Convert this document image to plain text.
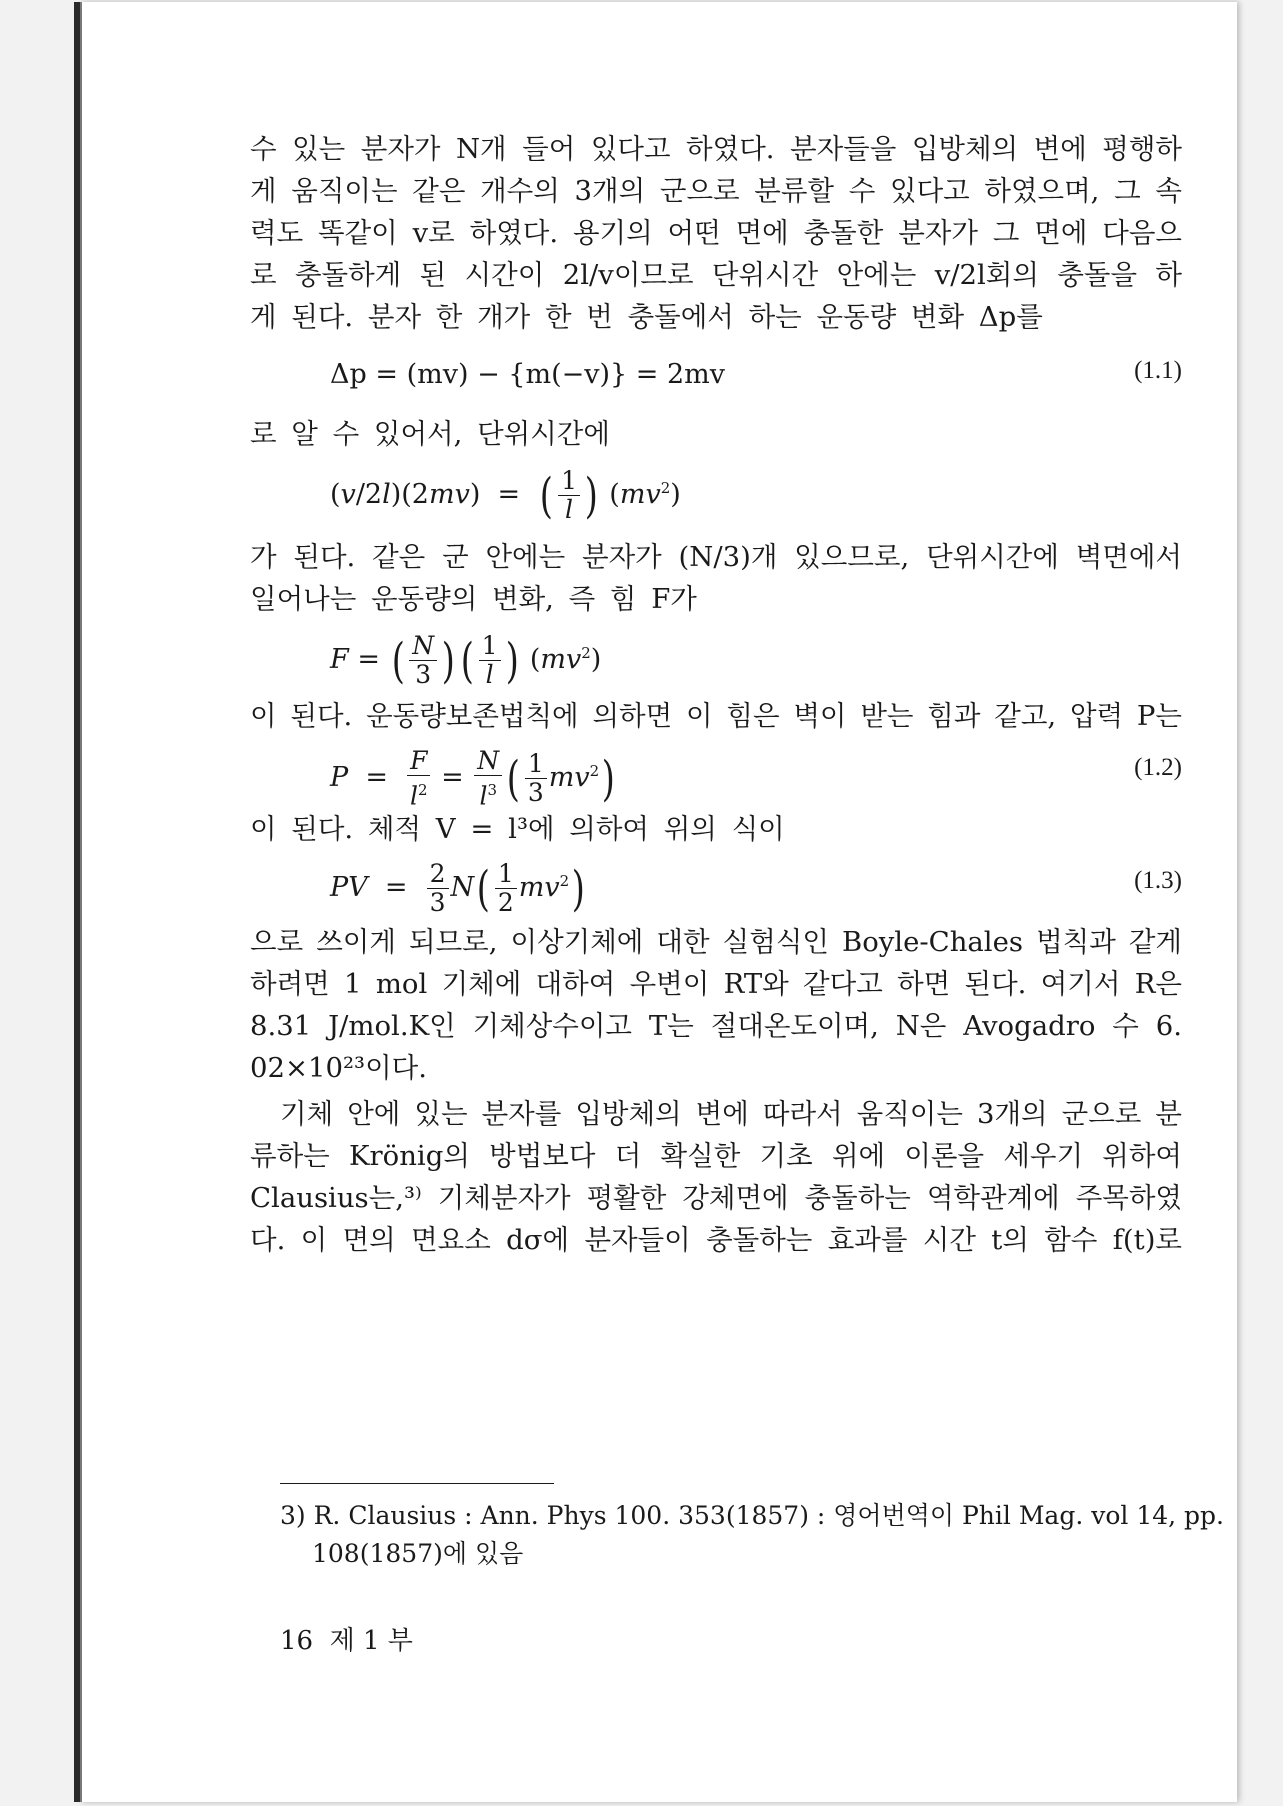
수 있는 분자가 N개 들어 있다고 하였다. 분자들을 입방체의 변에 평행하
게 움직이는 같은 개수의 3개의 군으로 분류할 수 있다고 하였으며, 그 속
력도 똑같이 v로 하였다. 용기의 어떤 면에 충돌한 분자가 그 면에 다음으
로 충돌하게 된 시간이 2l/v이므로 단위시간 안에는 v/2l회의 충돌을 하
게 된다. 분자 한 개가 한 번 충돌에서 하는 운동량 변화 Δp를
Δp = (mv) − {m(−v)} = 2mv	(1.1)
로 알 수 있어서, 단위시간에
(v/2l)(2mv)  =  ( $\frac{1}{l}$ ) $(mv^2)$
가 된다. 같은 군 안에는 분자가 (N/3)개 있으므로, 단위시간에 벽면에서
일어나는 운동량의 변화, 즉 힘 F가
F = ( $\frac{N}{3}$ ) ( $\frac{1}{l}$ ) $(mv^2)$
이 된다. 운동량보존법칙에 의하면 이 힘은 벽이 받는 힘과 같고, 압력 P는
$P = \frac{F}{l^2} = \frac{N}{l^3}$ ( $\frac{1}{3} mv^2$)	(1.2)
이 된다. 체적 V = l³에 의하여 위의 식이
PV  = $\frac{2}{3} N( \frac{1}{2} mv^2)$	(1.3)
으로 쓰이게 되므로, 이상기체에 대한 실험식인 Boyle-Chales 법칙과 같게
하려면 1 mol 기체에 대하여 우변이 RT와 같다고 하면 된다. 여기서 R은
8.31 J/mol.K인 기체상수이고 T는 절대온도이며, N은 Avogadro 수 6.
02×10²³이다.
기체 안에 있는 분자를 입방체의 변에 따라서 움직이는 3개의 군으로 분
류하는 Krönig의 방법보다 더 확실한 기초 위에 이론을 세우기 위하여
Clausius는,³⁾ 기체분자가 평활한 강체면에 충돌하는 역학관계에 주목하였
다. 이 면의 면요소 dσ에 분자들이 충돌하는 효과를 시간 t의 함수 f(t)로
3) R. Clausius : Ann. Phys 100. 353(1857) : 영어번역이 Phil Mag. vol 14, pp.
108(1857)에 있음
16 제 1 부
